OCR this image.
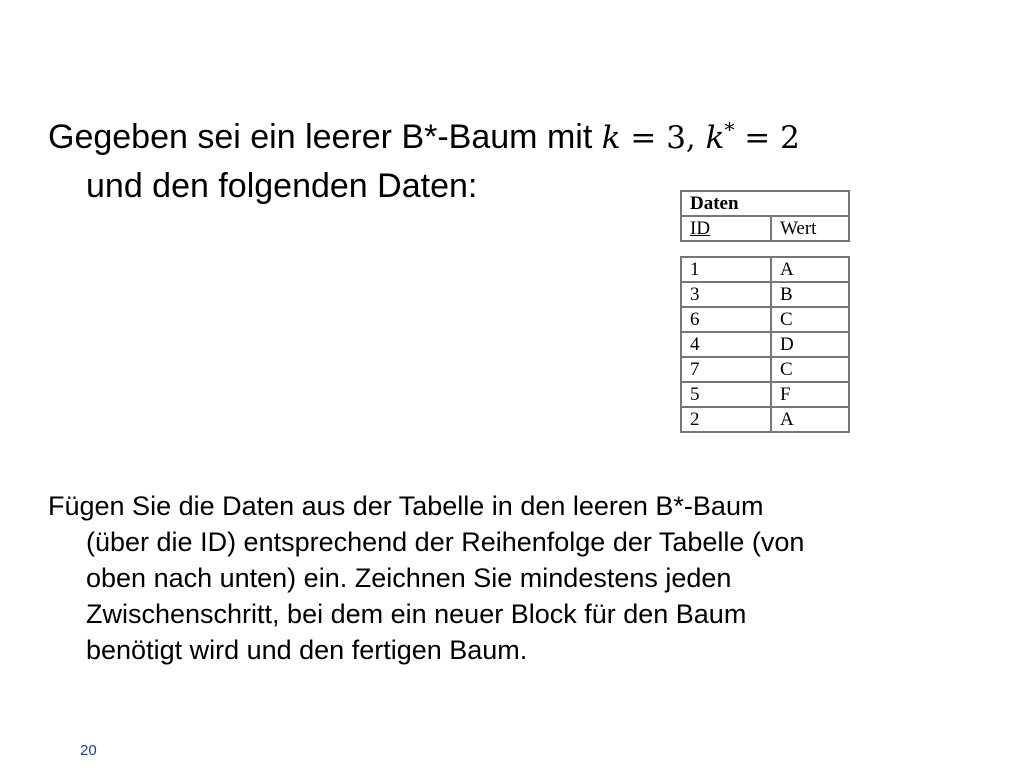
Gegeben sei ein leerer B*-Baum mit k = 3, k* = 2
und den folgenden Daten:	Daten
ID	Wert
1	A
3	B
6	C
4	D
7	C
5	F
2	A
Fügen Sie die Daten aus der Tabelle in den leeren B*-Baum
(über die ID) entsprechend der Reihenfolge der Tabelle (von
oben nach unten) ein. Zeichnen Sie mindestens jeden
Zwischenschritt, bei dem ein neuer Block für den Baum
benötigt wird und den fertigen Baum.
20
